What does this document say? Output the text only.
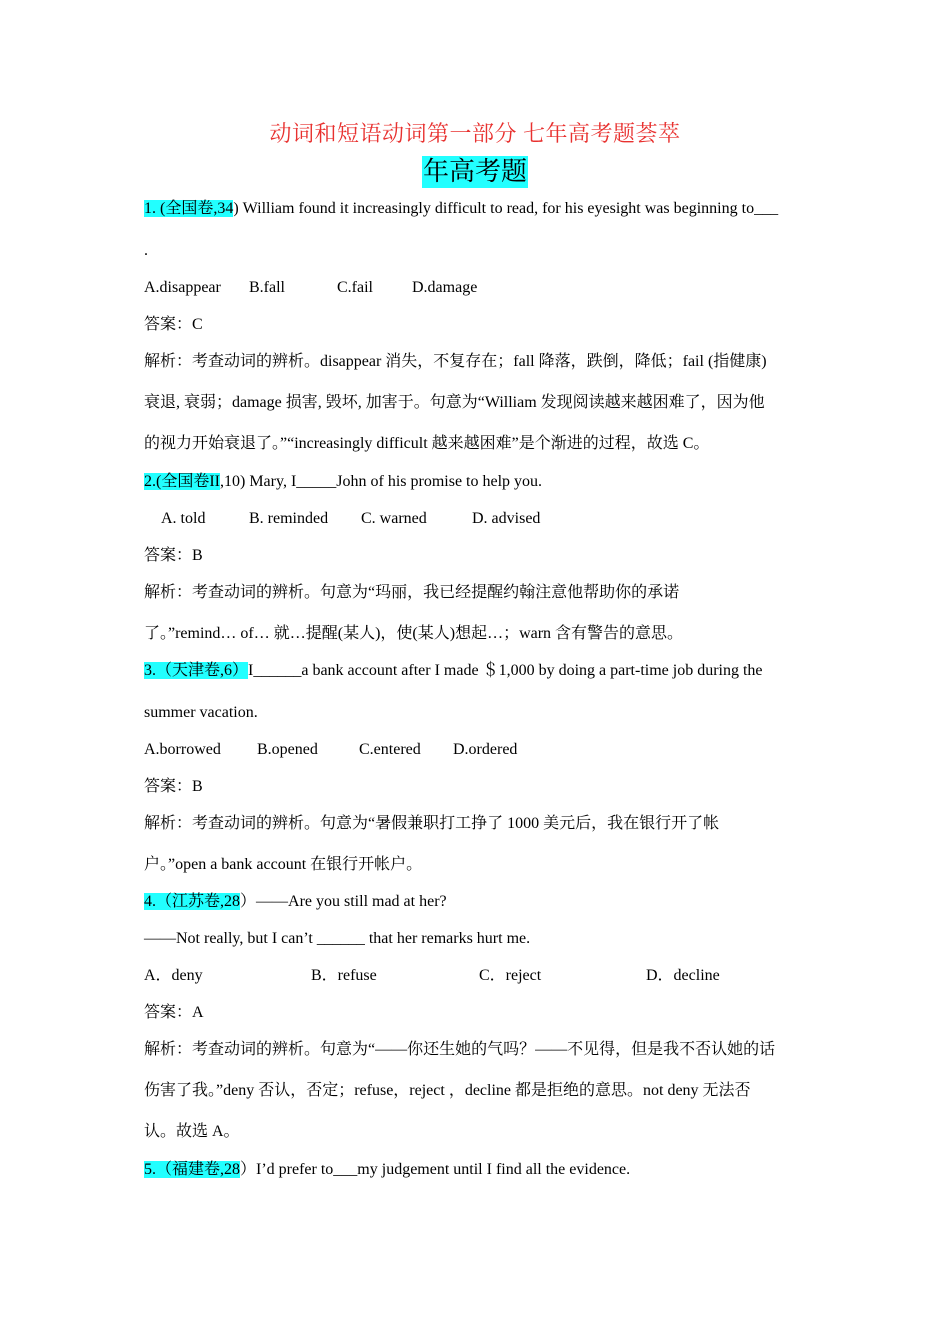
动词和短语动词第一部分 七年高考题荟萃
年高考题
1. (全国卷,34) William found it increasingly difficult to read, for his eyesight was beginning to___
.
A.disappear B.fall	C.fail D.damage
答案：C
解析：考查动词的辨析。disappear 消失，不复存在；fall 降落，跌倒，降低；fail (指健康)
衰退, 衰弱；damage 损害, 毁坏, 加害于。句意为“William 发现阅读越来越困难了，因为他
的视力开始衰退了。”“increasingly difficult 越来越困难”是个渐进的过程，故选 C。
2.(全国卷II,10) Mary, I_____John of his promise to help you.
A. told	B. reminded C. warned	D. advised
答案：B
解析：考查动词的辨析。句意为“玛丽，我已经提醒约翰注意他帮助你的承诺
了。”remind… of… 就…提醒(某人)，使(某人)想起…；warn 含有警告的意思。
3.（天津卷,6）I______a bank account after I made ＄1,000 by doing a part-time job during the
summer vacation.
A.borrowed B.opened	C.entered D.ordered
答案：B
解析：考查动词的辨析。句意为“暑假兼职打工挣了 1000 美元后，我在银行开了帐
户。”open a bank account 在银行开帐户。
4.（江苏卷,28）——Are you still mad at her?
——Not really, but I can’t ______ that her remarks hurt me.
A．deny	B．refuse	C．reject	D．decline
答案：A
解析：考查动词的辨析。句意为“——你还生她的气吗？——不见得，但是我不否认她的话
伤害了我。”deny 否认，否定；refuse，reject ，decline 都是拒绝的意思。not deny 无法否
认。故选 A。
5.（福建卷,28）I’d prefer to___my judgement until I find all the evidence.
